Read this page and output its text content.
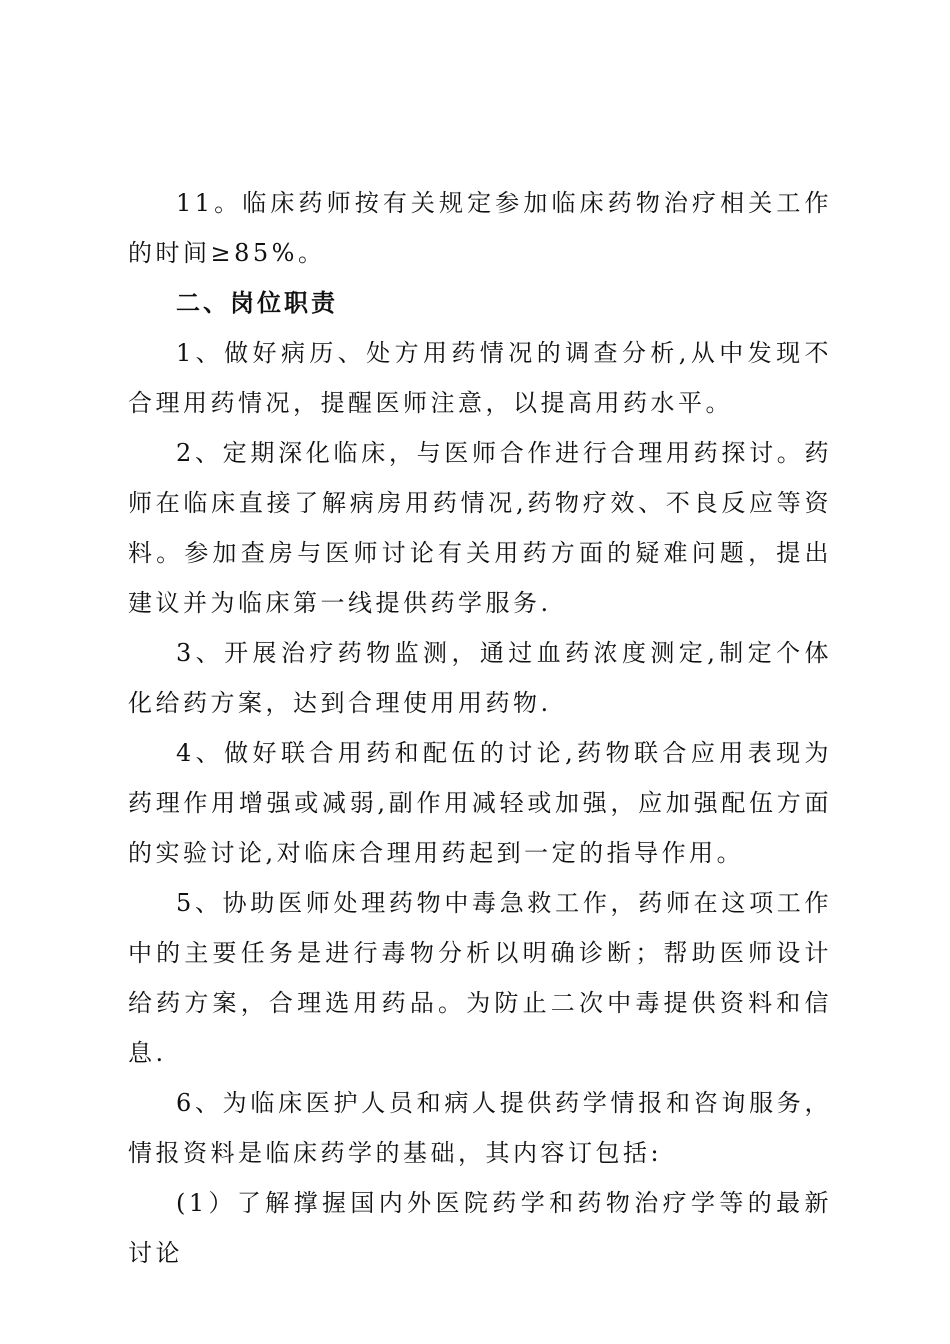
11。临床药师按有关规定参加临床药物治疗相关工作的时间≥85%。

二、岗位职责

1、做好病历、处方用药情况的调查分析,从中发现不合理用药情况，提醒医师注意，以提高用药水平。

2、定期深化临床，与医师合作进行合理用药探讨。药师在临床直接了解病房用药情况,药物疗效、不良反应等资料。参加查房与医师讨论有关用药方面的疑难问题，提出建议并为临床第一线提供药学服务.

3、开展治疗药物监测，通过血药浓度测定,制定个体化给药方案，达到合理使用用药物.

4、做好联合用药和配伍的讨论,药物联合应用表现为药理作用增强或减弱,副作用减轻或加强，应加强配伍方面的实验讨论,对临床合理用药起到一定的指导作用。

5、协助医师处理药物中毒急救工作，药师在这项工作中的主要任务是进行毒物分析以明确诊断；帮助医师设计给药方案，合理选用药品。为防止二次中毒提供资料和信息.

6、为临床医护人员和病人提供药学情报和咨询服务，情报资料是临床药学的基础，其内容订包括:

(1）了解撑握国内外医院药学和药物治疗学等的最新讨论
